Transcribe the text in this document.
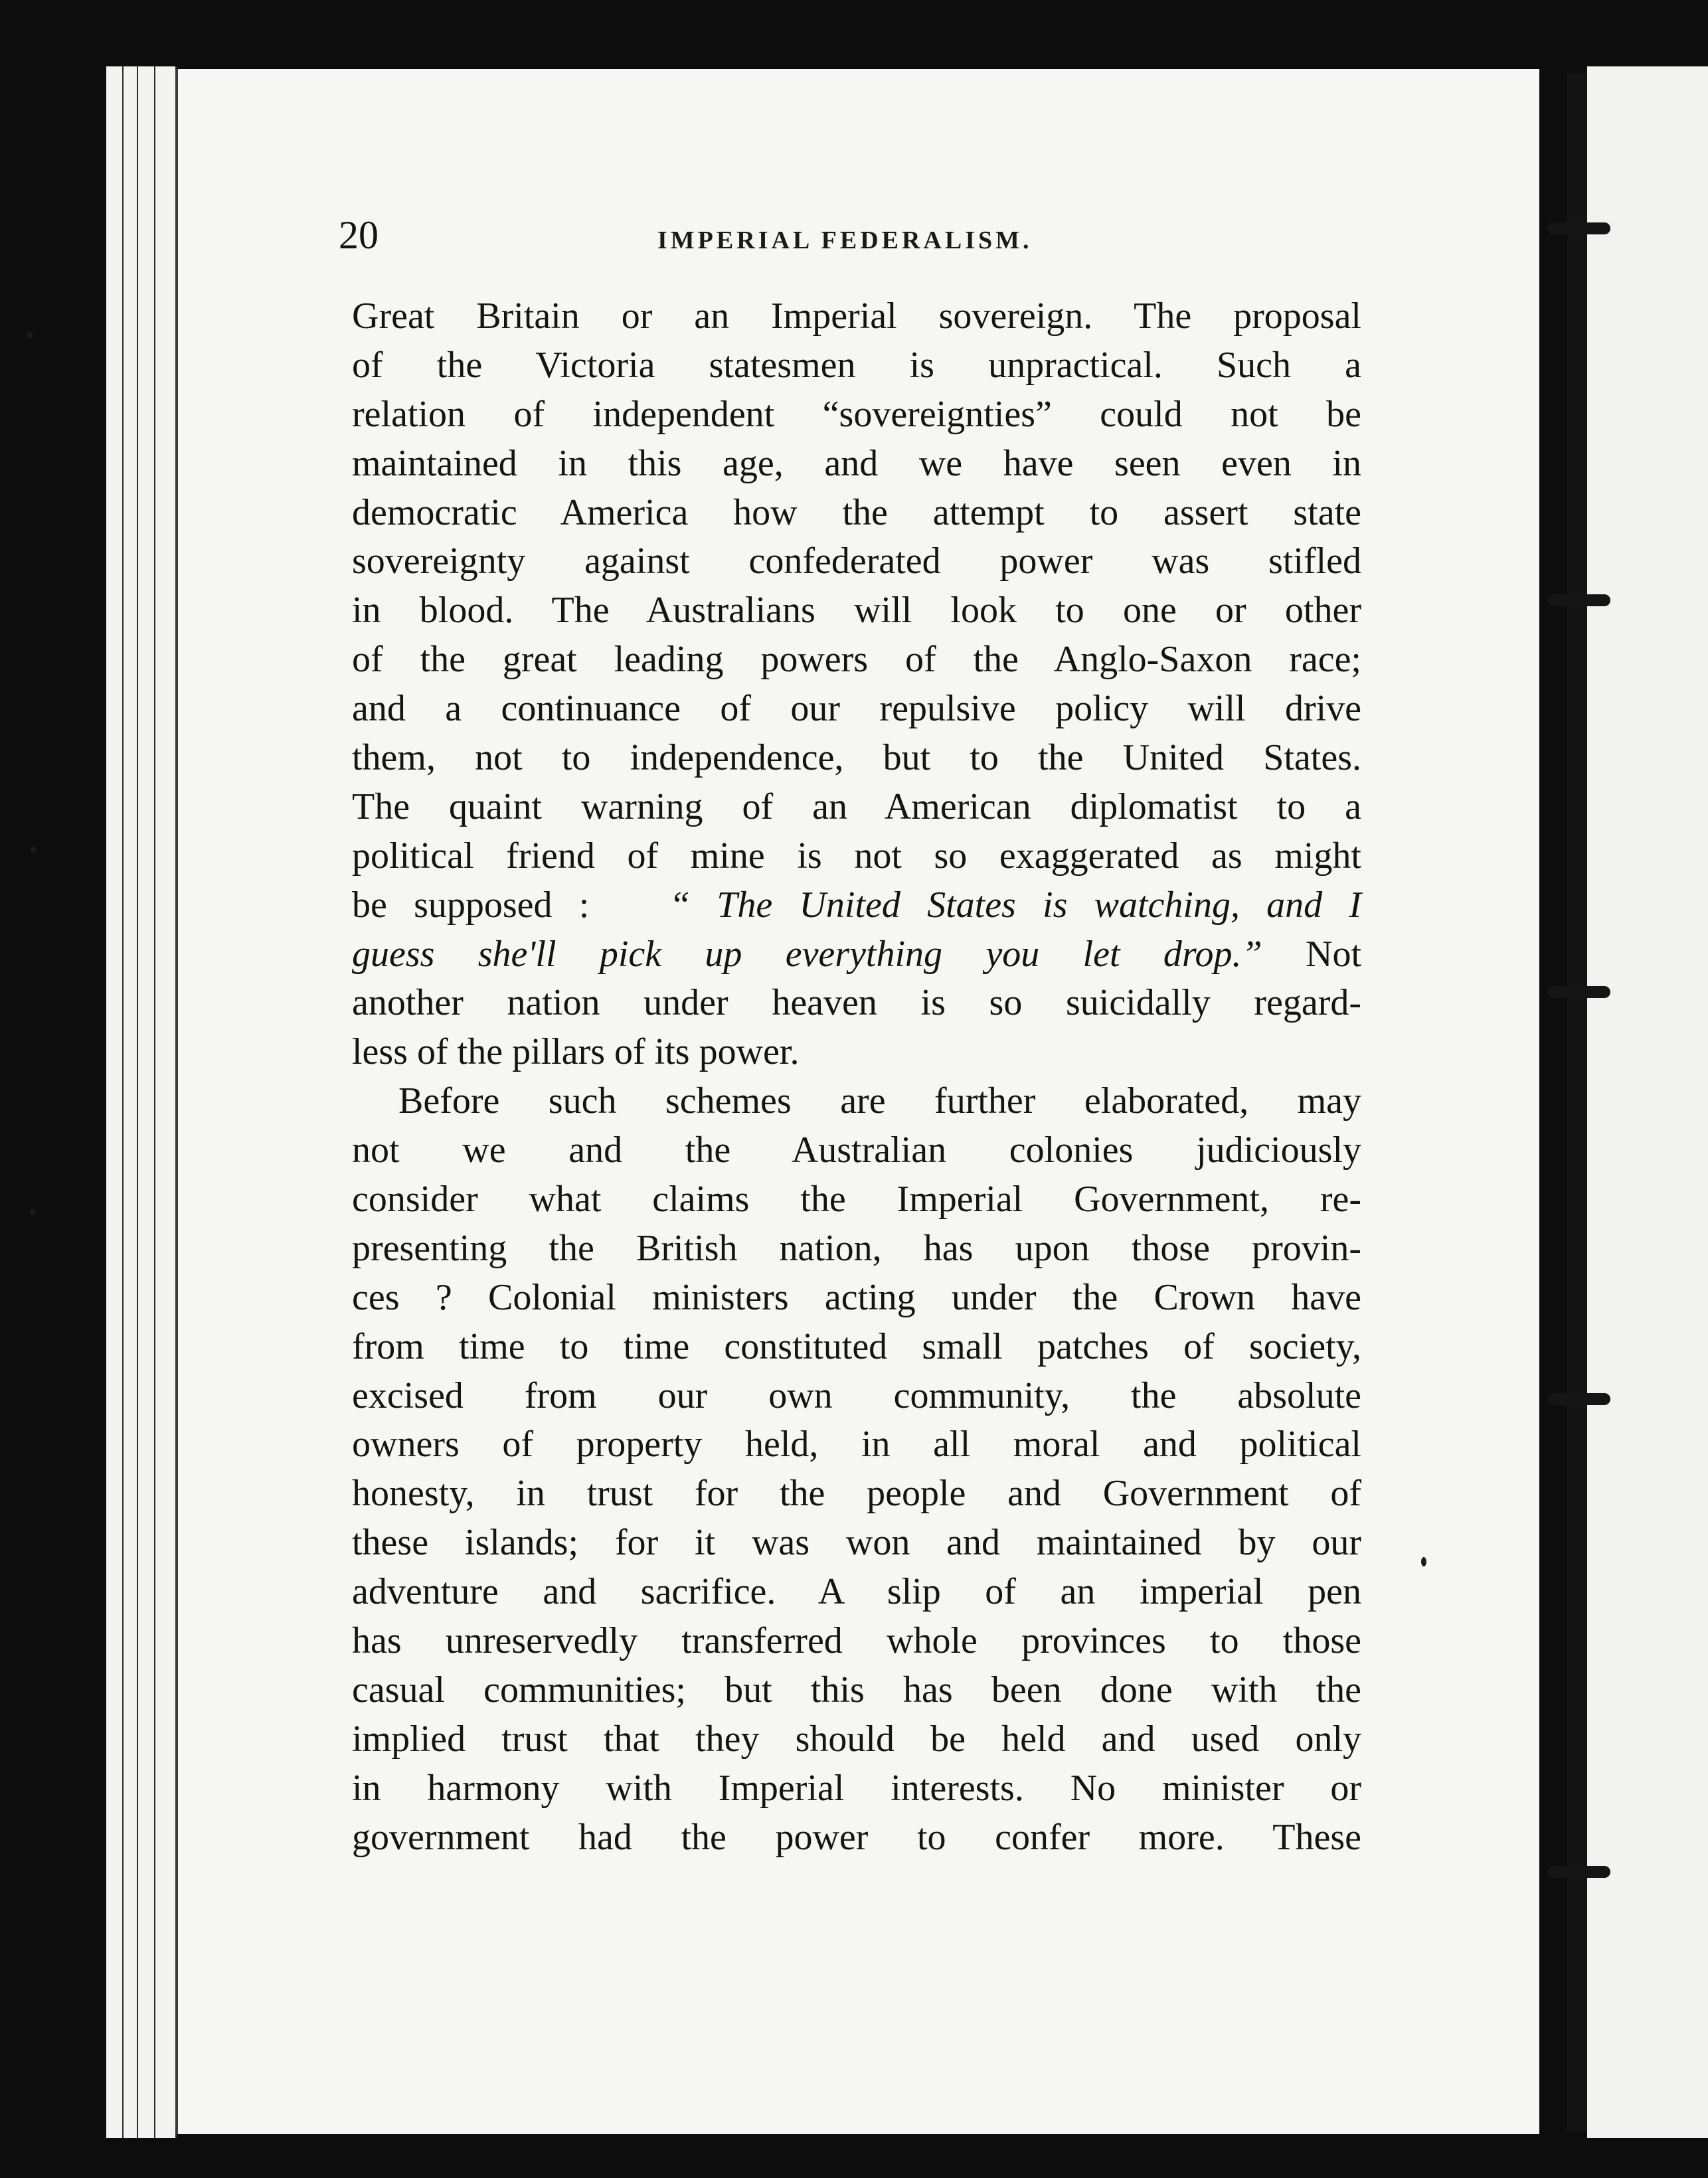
20	IMPERIAL FEDERALISM.
Great Britain or an Imperial sovereign. The proposal
of the Victoria statesmen is unpractical. Such a
relation of independent “sovereignties” could not be
maintained in this age, and we have seen even in
democratic America how the attempt to assert state
sovereignty against confederated power was stifled
in blood. The Australians will look to one or other
of the great leading powers of the Anglo-Saxon race;
and a continuance of our repulsive policy will drive
them, not to independence, but to the United States.
The quaint warning of an American diplomatist to a
political friend of mine is not so exaggerated as might
be supposed : “ The United States is watching, and I
guess she'll pick up everything you let drop.” Not
another nation under heaven is so suicidally regard-
less of the pillars of its power.
Before such schemes are further elaborated, may
not we and the Australian colonies judiciously
consider what claims the Imperial Government, re-
presenting the British nation, has upon those provin-
ces ? Colonial ministers acting under the Crown have
from time to time constituted small patches of society,
excised from our own community, the absolute
owners of property held, in all moral and political
honesty, in trust for the people and Government of
these islands; for it was won and maintained by our
adventure and sacrifice. A slip of an imperial pen
has unreservedly transferred whole provinces to those
casual communities; but this has been done with the
implied trust that they should be held and used only
in harmony with Imperial interests. No minister or
government had the power to confer more. These
